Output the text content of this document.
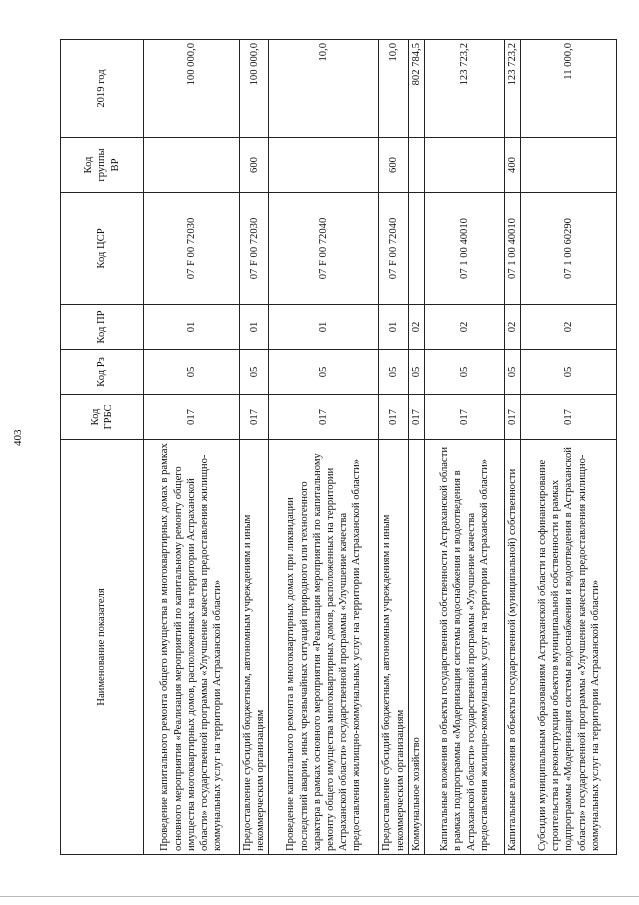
403
Наименование показателя	Код ГРБС	Код Рз	Код ПР	Код ЦСР	Код группы ВР	2019 год
Проведение капитального ремонта общего имущества в многоквартирных домах в рамках основного мероприятия «Реализация мероприятий по капитальному ремонту общего имущества многоквартирных домов, расположенных на территории Астраханской области» государственной программы «Улучшение качества предоставления жилищно-коммунальных услуг на территории Астраханской области»	017	05	01	07 F 00 72030		100 000,0
Предоставление субсидий бюджетным, автономным учреждениям и иным некоммерческим организациям	017	05	01	07 F 00 72030	600	100 000,0
Проведение капитального ремонта в многоквартирных домах при ликвидации последствий аварии, иных чрезвычайных ситуаций природного или техногенного характера в рамках основного мероприятия «Реализация мероприятий по капитальному ремонту общего имущества многоквартирных домов, расположенных на территории Астраханской области» государственной программы «Улучшение качества предоставления жилищно-коммунальных услуг на территории Астраханской области»	017	05	01	07 F 00 72040		10,0
Предоставление субсидий бюджетным, автономным учреждениям и иным некоммерческим организациям	017	05	01	07 F 00 72040	600	10,0
Коммунальное хозяйство	017	05	02			802 784,5
Капитальные вложения в объекты государственной собственности Астраханской области в рамках подпрограммы «Модернизация системы водоснабжения и водоотведения в Астраханской области» государственной программы «Улучшение качества предоставления жилищно-коммунальных услуг на территории Астраханской области»	017	05	02	07 1 00 40010		123 723,2
Капитальные вложения в объекты государственной (муниципальной) собственности	017	05	02	07 1 00 40010	400	123 723,2
Субсидии муниципальным образованиям Астраханской области на софинансирование строительства и реконструкции объектов муниципальной собственности в рамках подпрограммы «Модернизация системы водоснабжения и водоотведения в Астраханской области» государственной программы «Улучшение качества предоставления жилищно-коммунальных услуг на территории Астраханской области»	017	05	02	07 1 00 60290		11 000,0
